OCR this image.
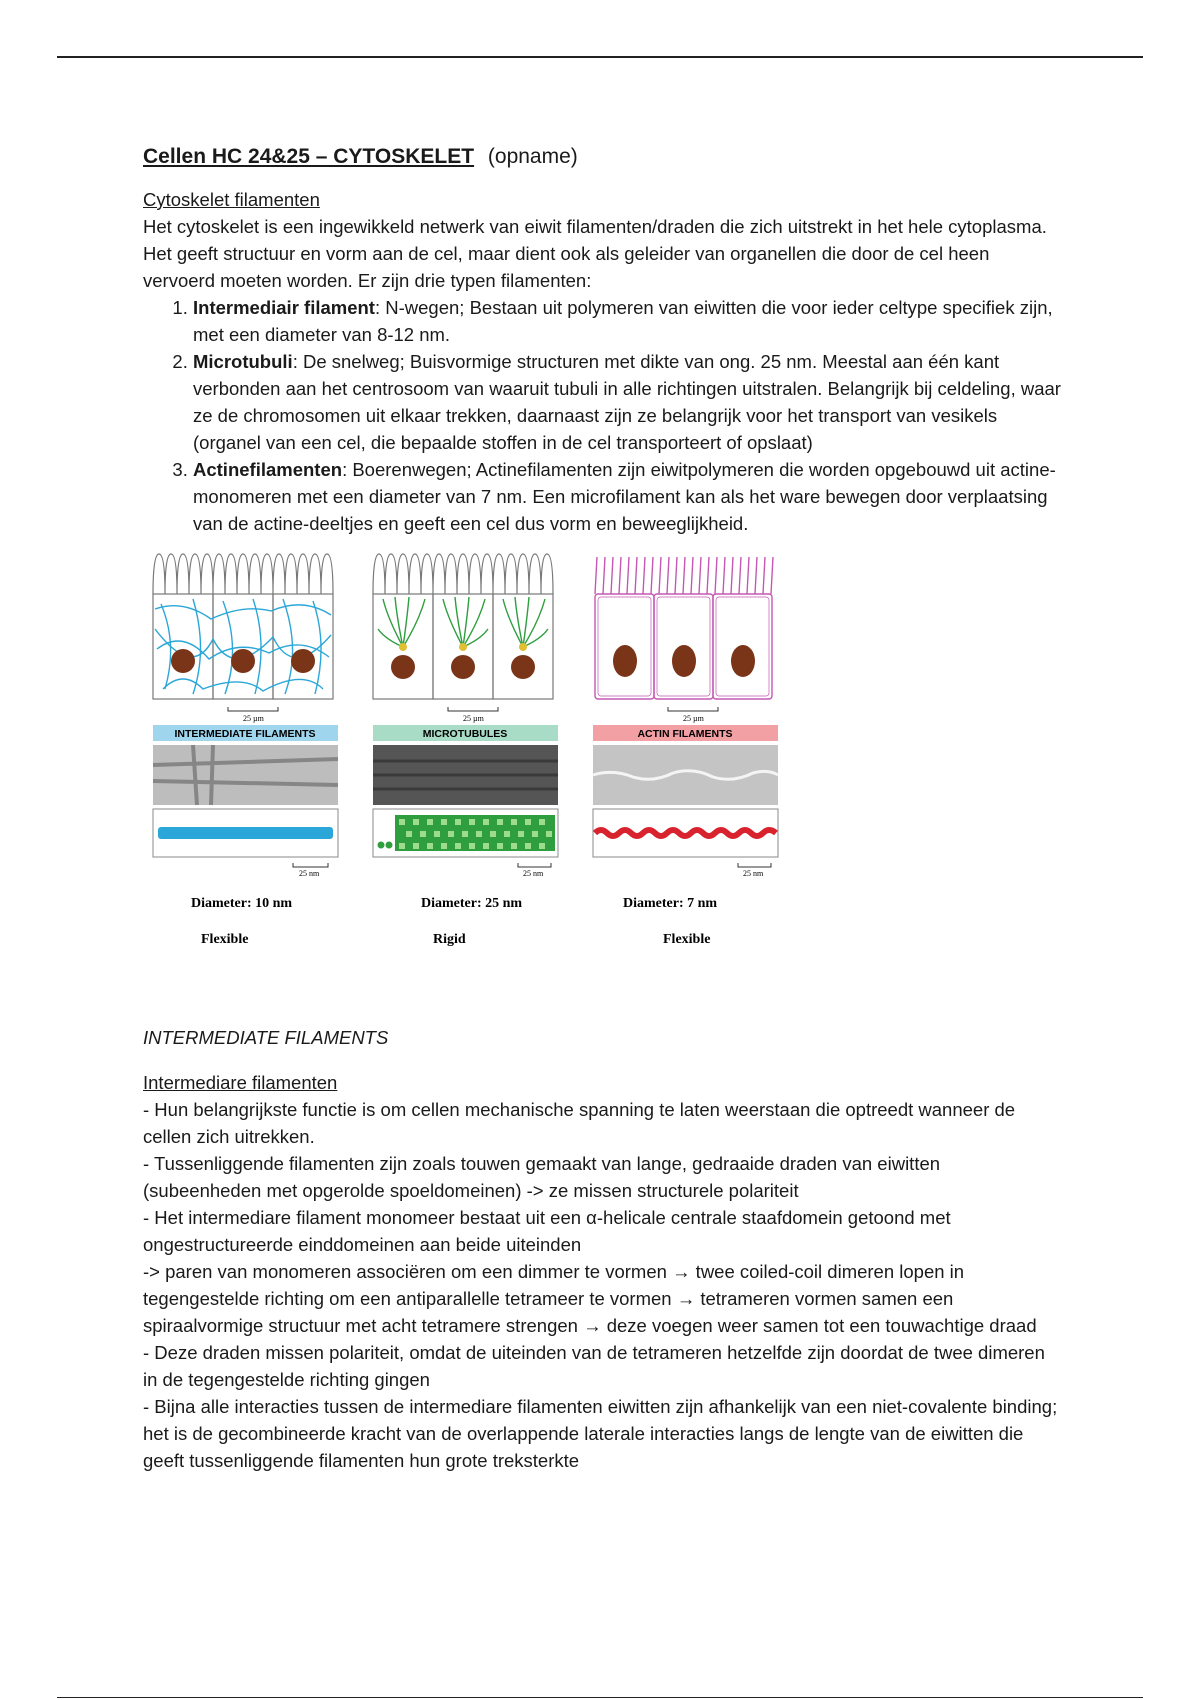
Cellen HC 24&25 – CYTOSKELET (opname)
Cytoskelet filamenten

Het cytoskelet is een ingewikkeld netwerk van eiwit filamenten/draden die zich uitstrekt in het hele cytoplasma. Het geeft structuur en vorm aan de cel, maar dient ook als geleider van organellen die door de cel heen vervoerd moeten worden. Er zijn drie typen filamenten:

1. Intermediair filament: N-wegen; Bestaan uit polymeren van eiwitten die voor ieder celtype specifiek zijn, met een diameter van 8-12 nm.
2. Microtubuli: De snelweg; Buisvormige structuren met dikte van ong. 25 nm. Meestal aan één kant verbonden aan het centrosoom van waaruit tubuli in alle richtingen uitstralen. Belangrijk bij celdeling, waar ze de chromosomen uit elkaar trekken, daarnaast zijn ze belangrijk voor het transport van vesikels (organel van een cel, die bepaalde stoffen in de cel transporteert of opslaat)
3. Actinefilamenten: Boerenwegen; Actinefilamenten zijn eiwitpolymeren die worden opgebouwd uit actine-monomeren met een diameter van 7 nm. Een microfilament kan als het ware bewegen door verplaatsing van de actine-deeltjes en geeft een cel dus vorm en beweeglijkheid.
25 µm
INTERMEDIATE FILAMENTS
25 nm
Diameter: 10 nm
Flexible
25 µm
MICROTUBULES
25 nm
Diameter: 25 nm
Rigid
25 µm
ACTIN FILAMENTS
25 nm
Diameter: 7 nm
Flexible

INTERMEDIATE FILAMENTS

Intermediare filamenten

- Hun belangrijkste functie is om cellen mechanische spanning te laten weerstaan die optreedt wanneer de cellen zich uitrekken.

- Tussenliggende filamenten zijn zoals touwen gemaakt van lange, gedraaide draden van eiwitten (subeenheden met opgerolde spoeldomeinen) -> ze missen structurele polariteit

- Het intermediare filament monomeer bestaat uit een α-helicale centrale staafdomein getoond met ongestructureerde einddomeinen aan beide uiteinden

-> paren van monomeren associëren om een dimmer te vormen → twee coiled-coil dimeren lopen in tegengestelde richting om een antiparallelle tetrameer te vormen → tetrameren vormen samen een spiraalvormige structuur met acht tetramere strengen → deze voegen weer samen tot een touwachtige draad

- Deze draden missen polariteit, omdat de uiteinden van de tetrameren hetzelfde zijn doordat de twee dimeren in de tegengestelde richting gingen

- Bijna alle interacties tussen de intermediare filamenten eiwitten zijn afhankelijk van een niet-covalente binding; het is de gecombineerde kracht van de overlappende laterale interacties langs de lengte van de eiwitten die geeft tussenliggende filamenten hun grote treksterkte
